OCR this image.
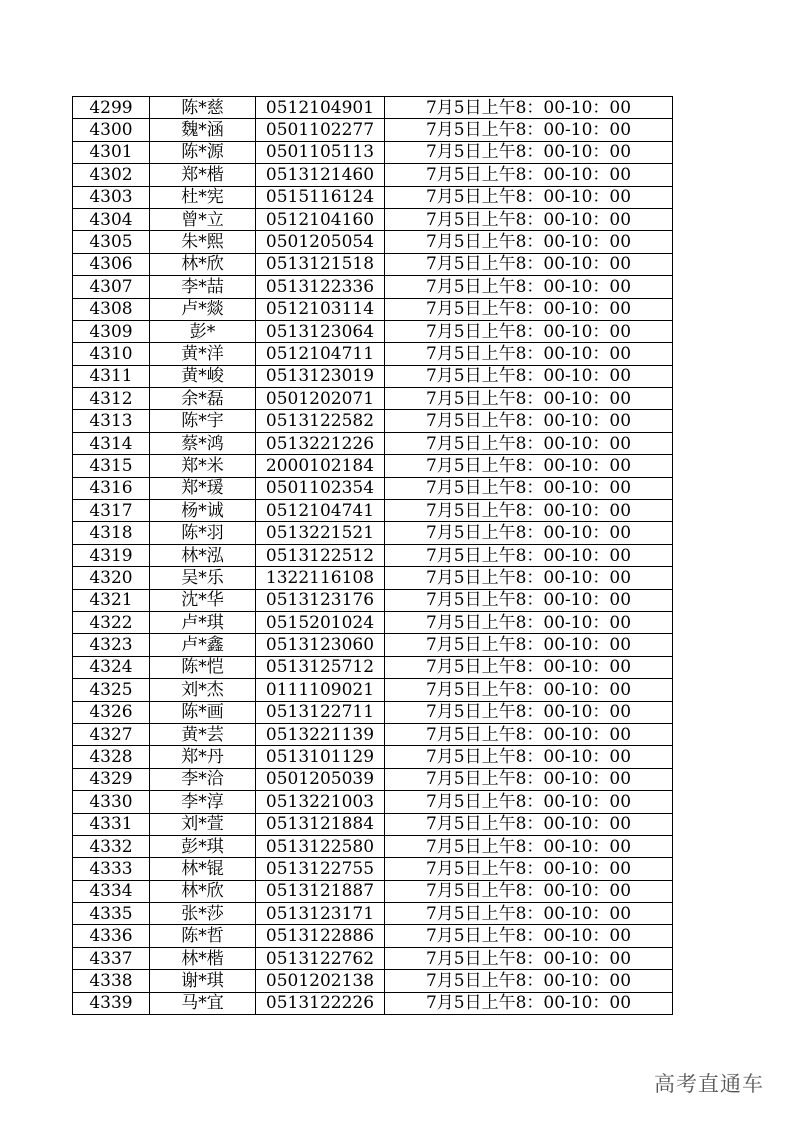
4299	陈*慈	0512104901	7月5日上午8：00-10：00
4300	魏*涵	0501102277	7月5日上午8：00-10：00
4301	陈*源	0501105113	7月5日上午8：00-10：00
4302	郑*楷	0513121460	7月5日上午8：00-10：00
4303	杜*宪	0515116124	7月5日上午8：00-10：00
4304	曾*立	0512104160	7月5日上午8：00-10：00
4305	朱*熙	0501205054	7月5日上午8：00-10：00
4306	林*欣	0513121518	7月5日上午8：00-10：00
4307	李*喆	0513122336	7月5日上午8：00-10：00
4308	卢*燚	0512103114	7月5日上午8：00-10：00
4309	彭*	0513123064	7月5日上午8：00-10：00
4310	黄*洋	0512104711	7月5日上午8：00-10：00
4311	黄*峻	0513123019	7月5日上午8：00-10：00
4312	余*磊	0501202071	7月5日上午8：00-10：00
4313	陈*宇	0513122582	7月5日上午8：00-10：00
4314	蔡*鸿	0513221226	7月5日上午8：00-10：00
4315	郑*米	2000102184	7月5日上午8：00-10：00
4316	郑*瑗	0501102354	7月5日上午8：00-10：00
4317	杨*诚	0512104741	7月5日上午8：00-10：00
4318	陈*羽	0513221521	7月5日上午8：00-10：00
4319	林*泓	0513122512	7月5日上午8：00-10：00
4320	吴*乐	1322116108	7月5日上午8：00-10：00
4321	沈*华	0513123176	7月5日上午8：00-10：00
4322	卢*琪	0515201024	7月5日上午8：00-10：00
4323	卢*鑫	0513123060	7月5日上午8：00-10：00
4324	陈*恺	0513125712	7月5日上午8：00-10：00
4325	刘*杰	0111109021	7月5日上午8：00-10：00
4326	陈*画	0513122711	7月5日上午8：00-10：00
4327	黄*芸	0513221139	7月5日上午8：00-10：00
4328	郑*丹	0513101129	7月5日上午8：00-10：00
4329	李*洽	0501205039	7月5日上午8：00-10：00
4330	李*淳	0513221003	7月5日上午8：00-10：00
4331	刘*萱	0513121884	7月5日上午8：00-10：00
4332	彭*琪	0513122580	7月5日上午8：00-10：00
4333	林*锟	0513122755	7月5日上午8：00-10：00
4334	林*欣	0513121887	7月5日上午8：00-10：00
4335	张*莎	0513123171	7月5日上午8：00-10：00
4336	陈*哲	0513122886	7月5日上午8：00-10：00
4337	林*楷	0513122762	7月5日上午8：00-10：00
4338	谢*琪	0501202138	7月5日上午8：00-10：00
4339	马*宜	0513122226	7月5日上午8：00-10：00
高考直通车
